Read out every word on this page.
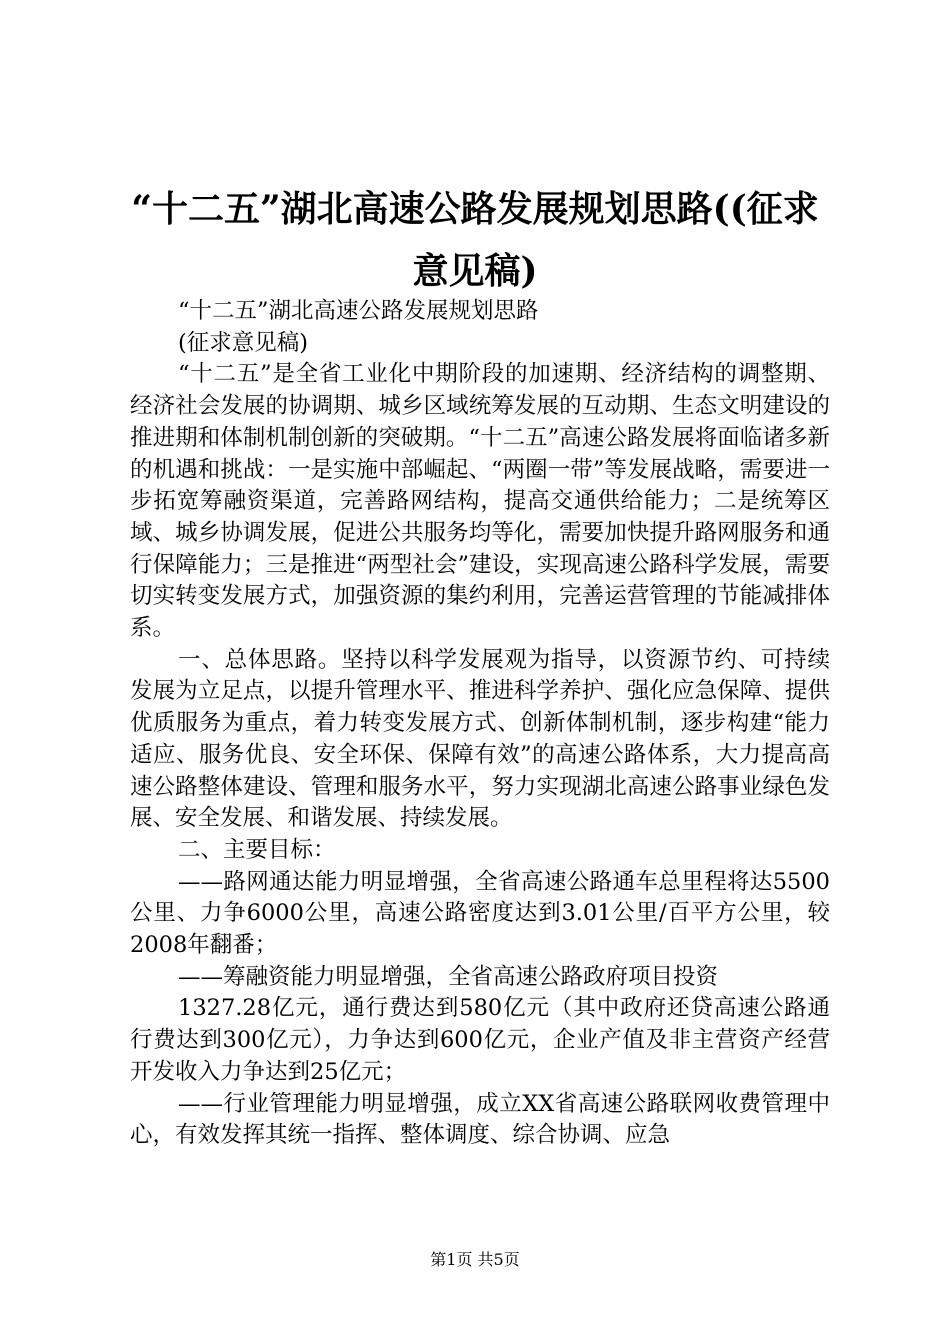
“十二五”湖北高速公路发展规划思路((征求意见稿)

“十二五”湖北高速公路发展规划思路

(征求意见稿)

“十二五”是全省工业化中期阶段的加速期、经济结构的调整期、经济社会发展的协调期、城乡区域统筹发展的互动期、生态文明建设的推进期和体制机制创新的突破期。“十二五”高速公路发展将面临诸多新的机遇和挑战：一是实施中部崛起、“两圈一带”等发展战略，需要进一步拓宽筹融资渠道，完善路网结构，提高交通供给能力；二是统筹区域、城乡协调发展，促进公共服务均等化，需要加快提升路网服务和通行保障能力；三是推进“两型社会”建设，实现高速公路科学发展，需要切实转变发展方式，加强资源的集约利用，完善运营管理的节能减排体系。

一、总体思路。坚持以科学发展观为指导，以资源节约、可持续发展为立足点，以提升管理水平、推进科学养护、强化应急保障、提供优质服务为重点，着力转变发展方式、创新体制机制，逐步构建“能力适应、服务优良、安全环保、保障有效”的高速公路体系，大力提高高速公路整体建设、管理和服务水平，努力实现湖北高速公路事业绿色发展、安全发展、和谐发展、持续发展。

二、主要目标：

——路网通达能力明显增强，全省高速公路通车总里程将达5500公里、力争6000公里，高速公路密度达到3.01公里/百平方公里，较2008年翻番；

——筹融资能力明显增强，全省高速公路政府项目投资

1327.28亿元，通行费达到580亿元（其中政府还贷高速公路通行费达到300亿元），力争达到600亿元，企业产值及非主营资产经营开发收入力争达到25亿元；

——行业管理能力明显增强，成立XX省高速公路联网收费管理中心，有效发挥其统一指挥、整体调度、综合协调、应急

第1页 共5页
